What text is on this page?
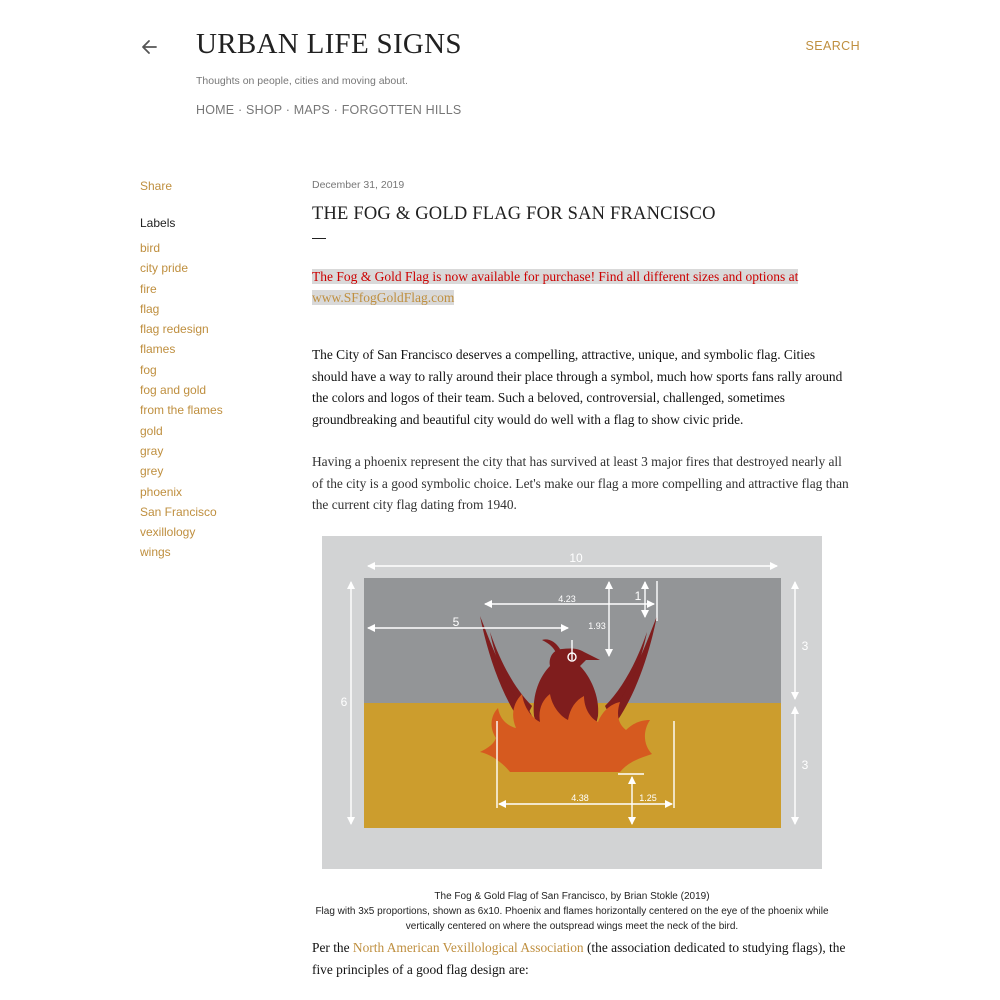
URBAN LIFE SIGNS	SEARCH
Thoughts on people, cities and moving about.
HOME · SHOP · MAPS · FORGOTTEN HILLS
Share
Labels
bird
city pride
fire
flag
flag redesign
flames
fog
fog and gold
from the flames
gold
gray
grey
phoenix
San Francisco
vexillology
wings
December 31, 2019
THE FOG & GOLD FLAG FOR SAN FRANCISCO
The Fog & Gold Flag is now available for purchase! Find all different sizes and options at www.SFfogGoldFlag.com

The City of San Francisco deserves a compelling, attractive, unique, and symbolic flag. Cities should have a way to rally around their place through a symbol, much how sports fans rally around the colors and logos of their team. Such a beloved, controversial, challenged, sometimes groundbreaking and beautiful city would do well with a flag to show civic pride.

Having a phoenix represent the city that has survived at least 3 major fires that destroyed nearly all of the city is a good symbolic choice. Let's make our flag a more compelling and attractive flag than the current city flag dating from 1940.

10
6
3
3
5
4.23
1.93
1
4.38	1.25
The Fog & Gold Flag of San Francisco, by Brian Stokle (2019)
Flag with 3x5 proportions, shown as 6x10. Phoenix and flames horizontally centered on the eye of the phoenix while vertically centered on where the outspread wings meet the neck of the bird.

Per the North American Vexillological Association (the association dedicated to studying flags), the five principles of a good flag design are:
